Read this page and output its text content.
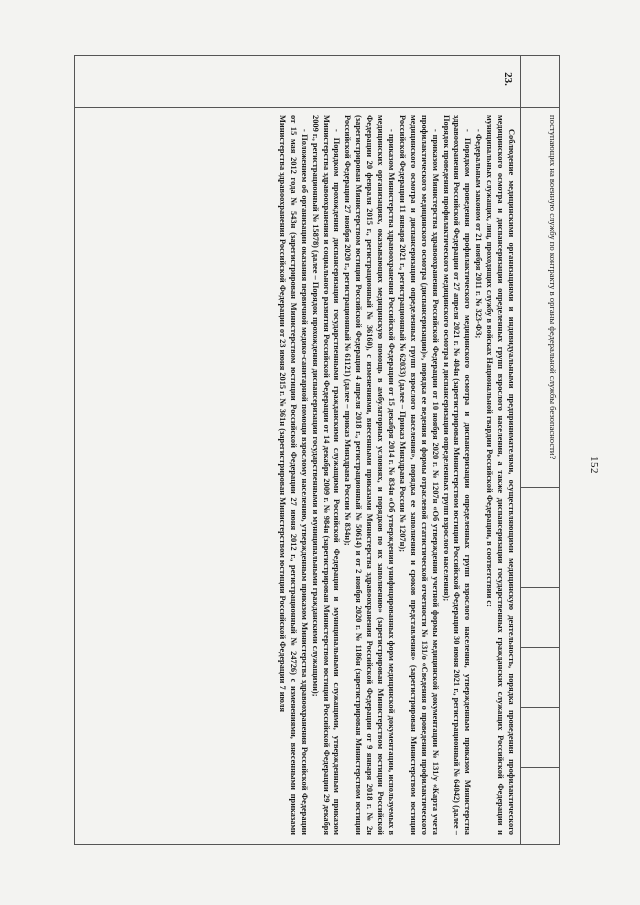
152
поступающих на военную службу по контракту в органы федеральной службы безопасности?
23.

Соблюдение медицинскими организациями и индивидуальными предпринимателями, осуществляющими медицинскую деятельность, порядка проведения профилактического медицинского осмотра и диспансеризации определенных групп взрослого населения, а также диспансеризации государственных гражданских служащих Российской Федерации и муниципальных служащих, лиц, проходящих службу в войсках Национальной гвардии Российской Федерации, в соответствии с:

- Федеральным законом от 21 ноября 2011 г. № 323-ФЗ;

- Порядком проведения профилактического медицинского осмотра и диспансеризации определенных групп взрослого населения, утвержденным приказом Министерства здравоохранения Российской Федерации от 27 апреля 2021 г. № 404н (зарегистрирован Министерством юстиции Российской Федерации 30 июня 2021 г., регистрационный № 64042) (далее – Порядок проведения профилактического медицинского осмотра и диспансеризации определенных групп взрослого населения);

- приказом Министерства здравоохранения Российской Федерации от 10 ноября 2020 г. № 1207н «Об утверждении учетной формы медицинской документации № 131/у «Карта учета профилактического медицинского осмотра (диспансеризации)», порядка ее ведения и формы отраслевой статистической отчетности № 131/о «Сведения о проведении профилактического медицинского осмотра и диспансеризации определенных групп взрослого населения», порядка ее заполнения и сроков представления» (зарегистрирован Министерством юстиции Российской Федерации 11 января 2021 г., регистрационный № 62033) (далее – Приказ Минздрава России № 1207н);

- приказом Министерства здравоохранения Российской Федерации от 15 декабря 2014 г. № 834н «Об утверждении унифицированных форм медицинской документации, используемых в медицинских организациях, оказывающих медицинскую помощь в амбулаторных условиях, и порядков по их заполнению» (зарегистрирован Министерством юстиции Российской Федерации 20 февраля 2015 г., регистрационный № 36160), с изменениями, внесенными приказами Министерства здравоохранения Российской Федерации от 9 января 2018 г. № 2н (зарегистрирован Министерством юстиции Российской Федерации 4 апреля 2018 г., регистрационный № 50614) и от 2 ноября 2020 г. № 1186н (зарегистрирован Министерством юстиции Российской Федерации 27 ноября 2020 г., регистрационный № 61121) (далее – приказ Минздрава России № 834н);

- Порядком прохождения диспансеризации государственными гражданскими служащими Российской Федерации и муниципальными служащими, утвержденным приказом Министерства здравоохранения и социального развития Российской Федерации от 14 декабря 2009 г. № 984н (зарегистрирован Министерством юстиции Российской Федерации 29 декабря 2009 г., регистрационный № 15878) (далее – Порядок прохождения диспансеризации государственными и муниципальными гражданскими служащими);

- Положением об организации оказания первичной медико-санитарной помощи взрослому населению, утвержденным приказом Министерства здравоохранения Российской Федерации от 15 мая 2012 года № 543н (зарегистрирован Министерством юстиции Российской Федерации 27 июня 2012 г., регистрационный № 24726) с изменениями, внесенными приказами Министерства здравоохранения Российской Федерации от 23 июня 2015 г. № 361н (зарегистрирован Министерством юстиции Российской Федерации 7 июля
